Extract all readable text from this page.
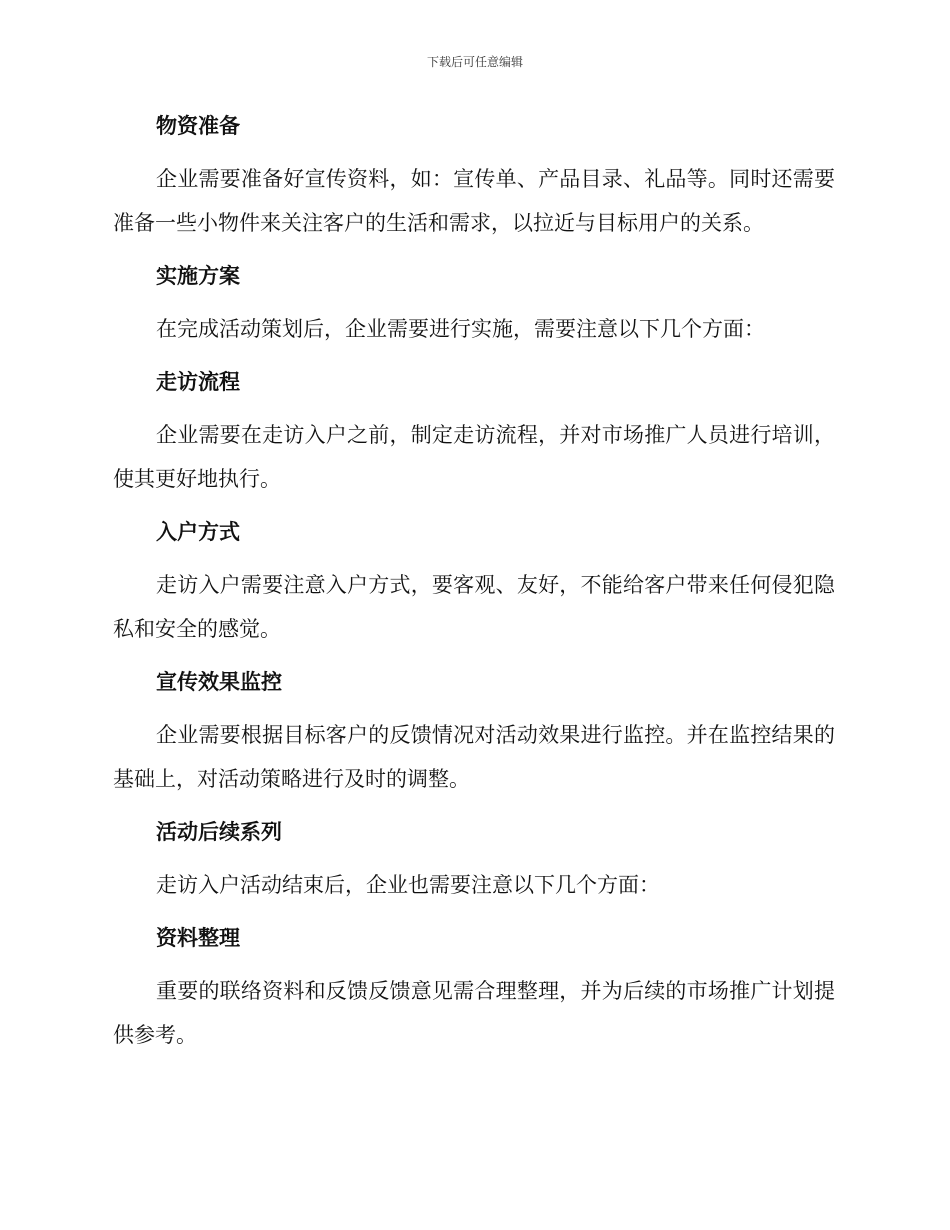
下载后可任意编辑
物资准备

企业需要准备好宣传资料，如：宣传单、产品目录、礼品等。同时还需要准备一些小物件来关注客户的生活和需求，以拉近与目标用户的关系。

实施方案

在完成活动策划后，企业需要进行实施，需要注意以下几个方面：

走访流程

企业需要在走访入户之前，制定走访流程，并对市场推广人员进行培训，使其更好地执行。

入户方式

走访入户需要注意入户方式，要客观、友好，不能给客户带来任何侵犯隐私和安全的感觉。

宣传效果监控

企业需要根据目标客户的反馈情况对活动效果进行监控。并在监控结果的基础上，对活动策略进行及时的调整。

活动后续系列

走访入户活动结束后，企业也需要注意以下几个方面：

资料整理

重要的联络资料和反馈反馈意见需合理整理，并为后续的市场推广计划提供参考。
